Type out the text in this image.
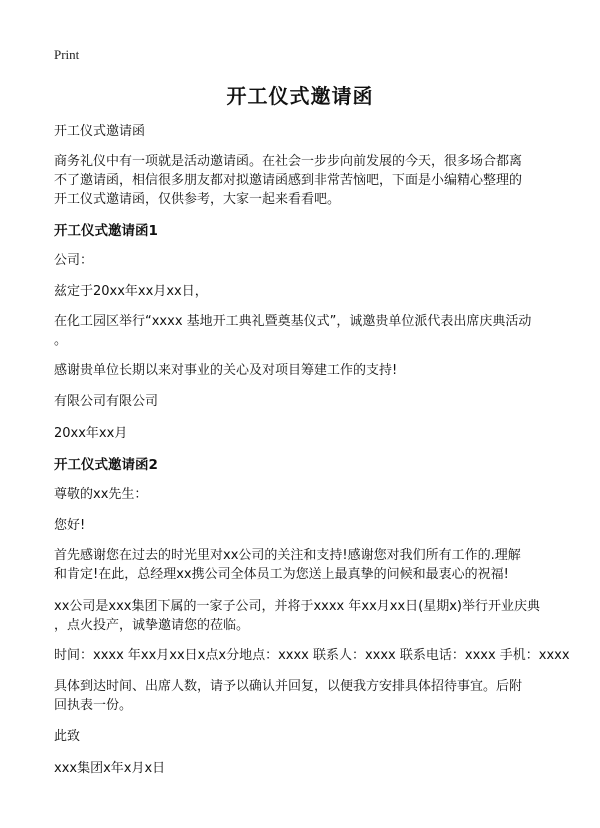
Print
开工仪式邀请函

开工仪式邀请函

商务礼仪中有一项就是活动邀请函。在社会一步步向前发展的今天，很多场合都离
不了邀请函，相信很多朋友都对拟邀请函感到非常苦恼吧，下面是小编精心整理的
开工仪式邀请函，仅供参考，大家一起来看看吧。

开工仪式邀请函1

公司：

兹定于20xx年xx月xx日，

在化工园区举行“xxxx 基地开工典礼暨奠基仪式”，诚邀贵单位派代表出席庆典活动
。

感谢贵单位长期以来对事业的关心及对项目筹建工作的支持!

有限公司有限公司

20xx年xx月

开工仪式邀请函2

尊敬的xx先生：

您好!

首先感谢您在过去的时光里对xx公司的关注和支持!感谢您对我们所有工作的.理解
和肯定!在此，总经理xx携公司全体员工为您送上最真挚的问候和最衷心的祝福!

xx公司是xxx集团下属的一家子公司，并将于xxxx 年xx月xx日(星期x)举行开业庆典
，点火投产，诚挚邀请您的莅临。

时间：xxxx 年xx月xx日x点x分地点：xxxx 联系人：xxxx 联系电话：xxxx 手机：xxxx

具体到达时间、出席人数，请予以确认并回复，以便我方安排具体招待事宜。后附
回执表一份。

此致

xxx集团x年x月x日
